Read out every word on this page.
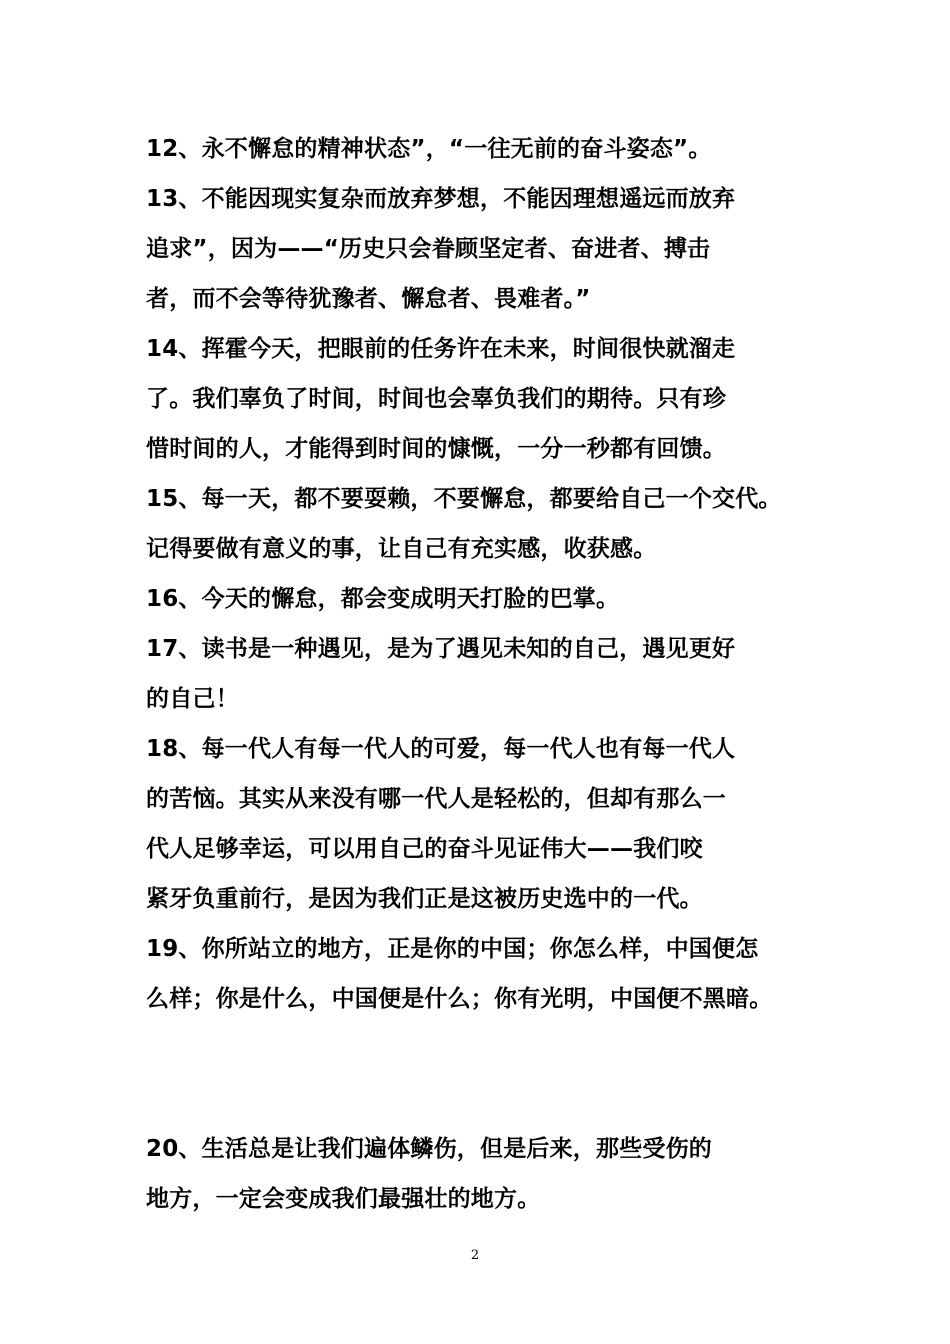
12、永不懈怠的精神状态”，“一往无前的奋斗姿态”。
13、不能因现实复杂而放弃梦想，不能因理想遥远而放弃
追求”，因为——“历史只会眷顾坚定者、奋进者、搏击
者，而不会等待犹豫者、懈怠者、畏难者。”
14、挥霍今天，把眼前的任务许在未来，时间很快就溜走
了。我们辜负了时间，时间也会辜负我们的期待。只有珍
惜时间的人，才能得到时间的慷慨，一分一秒都有回馈。
15、每一天，都不要耍赖，不要懈怠，都要给自己一个交代。
记得要做有意义的事，让自己有充实感，收获感。
16、今天的懈怠，都会变成明天打脸的巴掌。
17、读书是一种遇见，是为了遇见未知的自己，遇见更好
的自己！
18、每一代人有每一代人的可爱，每一代人也有每一代人
的苦恼。其实从来没有哪一代人是轻松的，但却有那么一
代人足够幸运，可以用自己的奋斗见证伟大——我们咬
紧牙负重前行，是因为我们正是这被历史选中的一代。
19、你所站立的地方，正是你的中国；你怎么样，中国便怎
么样；你是什么，中国便是什么；你有光明，中国便不黑暗。
20、生活总是让我们遍体鳞伤，但是后来，那些受伤的
地方，一定会变成我们最强壮的地方。
2
